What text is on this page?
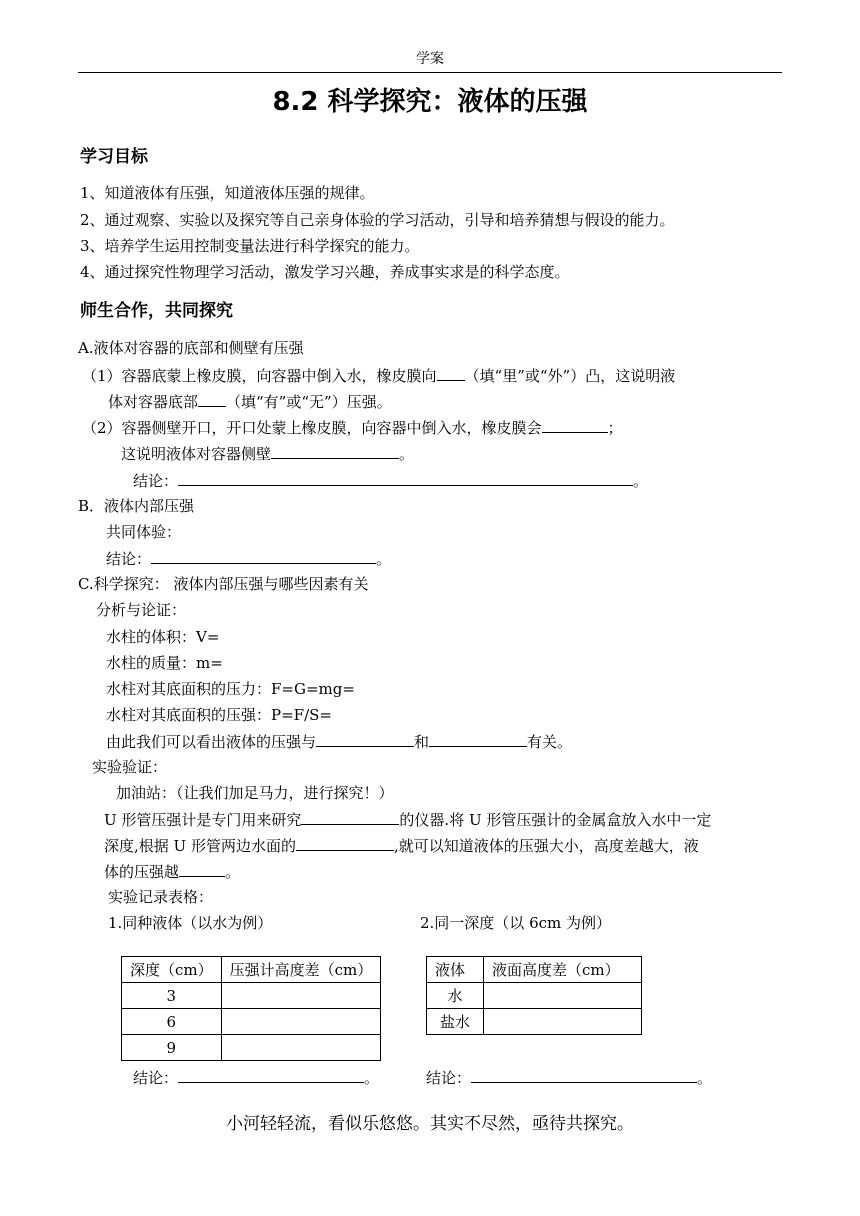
学案
8.2 科学探究：液体的压强
学习目标
1、知道液体有压强，知道液体压强的规律。
2、通过观察、实验以及探究等自己亲身体验的学习活动，引导和培养猜想与假设的能力。
3、培养学生运用控制变量法进行科学探究的能力。
4、通过探究性物理学习活动，激发学习兴趣，养成事实求是的科学态度。
师生合作，共同探究
A.液体对容器的底部和侧壁有压强
（1）容器底蒙上橡皮膜，向容器中倒入水，橡皮膜向 （填“里”或“外”）凸，这说明液
体对容器底部 （填“有”或“无”）压强。
（2）容器侧壁开口，开口处蒙上橡皮膜，向容器中倒入水，橡皮膜会	；
这说明液体对容器侧壁	。
结论：	。
B．液体内部压强
共同体验：
结论：	。
C.科学探究： 液体内部压强与哪些因素有关
分析与论证：
水柱的体积：V=
水柱的质量：m=
水柱对其底面积的压力：F=G=mg=
水柱对其底面积的压强：P=F/S=
由此我们可以看出液体的压强与	和	有关。
实验验证：
加油站：（让我们加足马力，进行探究！）
U 形管压强计是专门用来研究	的仪器.将 U 形管压强计的金属盒放入水中一定
深度,根据 U 形管两边水面的	,就可以知道液体的压强大小，高度差越大，液
体的压强越	。
实验记录表格：
1.同种液体（以水为例）	2.同一深度（以 6cm 为例）
深度（cm）	压强计高度差（cm）
3	
6	
9	
液体	液面高度差（cm）
水	
盐水	
结论：	。	结论：	。
小河轻轻流，看似乐悠悠。其实不尽然，亟待共探究。
